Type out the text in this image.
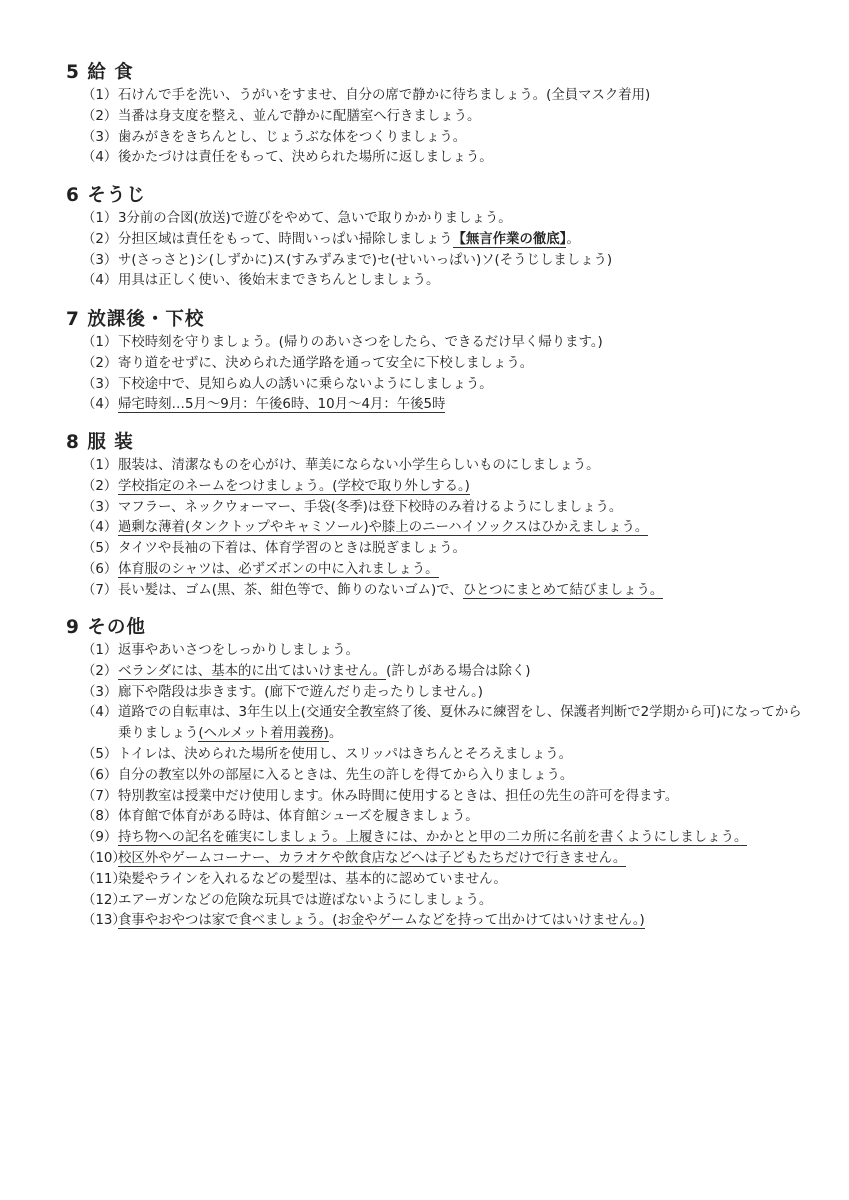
5 給 食
（1） 石けんで手を洗い、うがいをすませ、自分の席で静かに待ちましょう。(全員マスク着用)
（2） 当番は身支度を整え、並んで静かに配膳室へ行きましょう。
（3） 歯みがきをきちんとし、じょうぶな体をつくりましょう。
（4） 後かたづけは責任をもって、決められた場所に返しましょう。
6 そうじ
（1） 3分前の合図(放送)で遊びをやめて、急いで取りかかりましょう。
（2） 分担区域は責任をもって、時間いっぱい掃除しましょう【無言作業の徹底】。
（3） サ(さっさと)シ(しずかに)ス(すみずみまで)セ(せいいっぱい)ソ(そうじしましょう)
（4） 用具は正しく使い、後始末まできちんとしましょう。
7 放課後・下校
（1） 下校時刻を守りましょう。(帰りのあいさつをしたら、できるだけ早く帰ります。)
（2） 寄り道をせずに、決められた通学路を通って安全に下校しましょう。
（3） 下校途中で、見知らぬ人の誘いに乗らないようにしましょう。
（4） 帰宅時刻…5月～9月：午後6時、10月～4月：午後5時
8 服 装
（1） 服装は、清潔なものを心がけ、華美にならない小学生らしいものにしましょう。
（2） 学校指定のネームをつけましょう。(学校で取り外しする。)
（3） マフラー、ネックウォーマー、手袋(冬季)は登下校時のみ着けるようにしましょう。
（4） 過剰な薄着(タンクトップやキャミソール)や膝上のニーハイソックスはひかえましょう。
（5） タイツや長袖の下着は、体育学習のときは脱ぎましょう。
（6） 体育服のシャツは、必ずズボンの中に入れましょう。
（7） 長い髪は、ゴム(黒、茶、紺色等で、飾りのないゴム)で、ひとつにまとめて結びましょう。
9 その他
（1） 返事やあいさつをしっかりしましょう。
（2） ベランダには、基本的に出てはいけません。(許しがある場合は除く)
（3） 廊下や階段は歩きます。(廊下で遊んだり走ったりしません。)
（4） 道路での自転車は、3年生以上(交通安全教室終了後、夏休みに練習をし、保護者判断で2学期から可)になってから乗りましょう(ヘルメット着用義務)。
（5） トイレは、決められた場所を使用し、スリッパはきちんとそろえましょう。
（6） 自分の教室以外の部屋に入るときは、先生の許しを得てから入りましょう。
（7） 特別教室は授業中だけ使用します。休み時間に使用するときは、担任の先生の許可を得ます。
（8） 体育館で体育がある時は、体育館シューズを履きましょう。
（9） 持ち物への記名を確実にしましょう。上履きには、かかとと甲の二カ所に名前を書くようにしましょう。
（10）
校区外やゲームコーナー、カラオケや飲食店などへは子どもたちだけで行きません。
（11）
染髪やラインを入れるなどの髪型は、基本的に認めていません。
（12）
エアーガンなどの危険な玩具では遊ばないようにしましょう。
（13）
食事やおやつは家で食べましょう。(お金やゲームなどを持って出かけてはいけません。)
